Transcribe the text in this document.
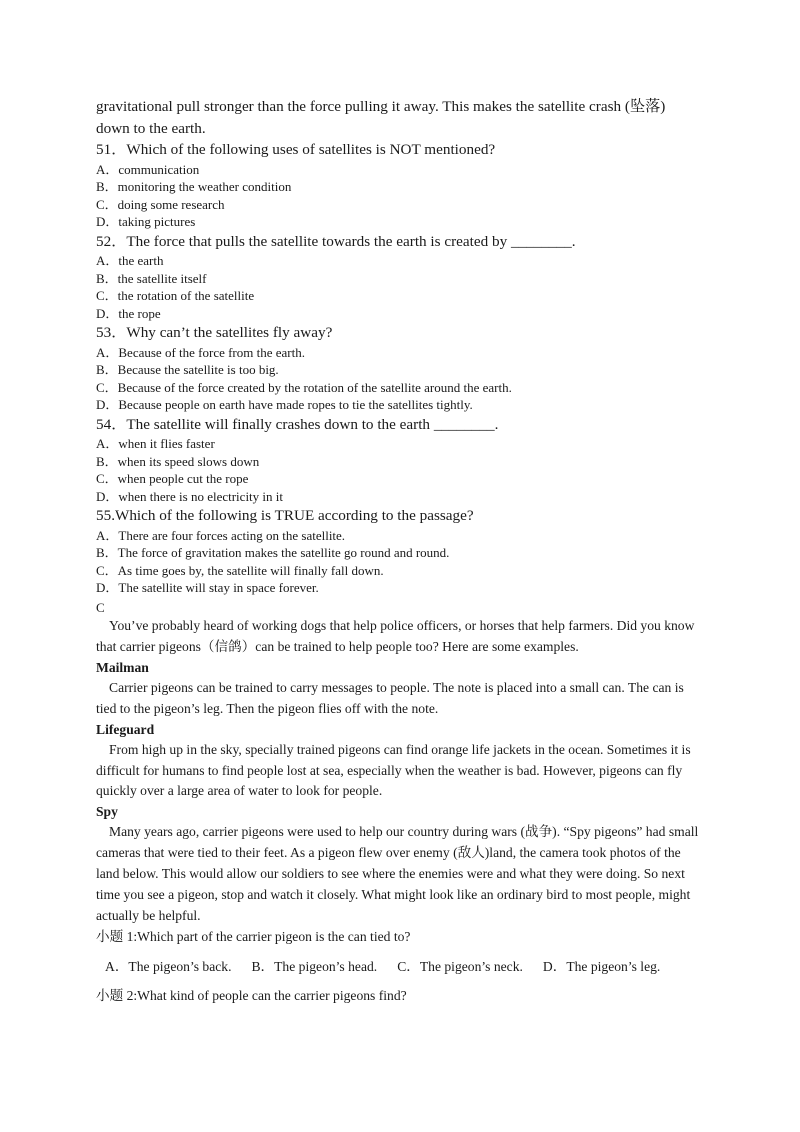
gravitational pull stronger than the force pulling it away. This makes the satellite crash (坠落)
down to the earth.
51．Which of the following uses of satellites is NOT mentioned?
A．communication
B．monitoring the weather condition
C．doing some research
D．taking pictures
52．The force that pulls the satellite towards the earth is created by ________.
A．the earth
B．the satellite itself
C．the rotation of the satellite
D．the rope
53．Why can’t the satellites fly away?
A．Because of the force from the earth.
B．Because the satellite is too big.
C．Because of the force created by the rotation of the satellite around the earth.
D．Because people on earth have made ropes to tie the satellites tightly.
54．The satellite will finally crashes down to the earth ________.
A．when it flies faster
B．when its speed slows down
C．when people cut the rope
D．when there is no electricity in it
55.Which of the following is TRUE according to the passage?
A．There are four forces acting on the satellite.
B．The force of gravitation makes the satellite go round and round.
C．As time goes by, the satellite will finally fall down.
D．The satellite will stay in space forever.
C
You’ve probably heard of working dogs that help police officers, or horses that help farmers. Did you know that carrier pigeons（信鸽）can be trained to help people too? Here are some examples.
Mailman
Carrier pigeons can be trained to carry messages to people. The note is placed into a small can. The can is tied to the pigeon’s leg. Then the pigeon flies off with the note.
Lifeguard
From high up in the sky, specially trained pigeons can find orange life jackets in the ocean. Sometimes it is difficult for humans to find people lost at sea, especially when the weather is bad. However, pigeons can fly quickly over a large area of water to look for people.
Spy
Many years ago, carrier pigeons were used to help our country during wars (战争). “Spy pigeons” had small cameras that were tied to their feet. As a pigeon flew over enemy (敌人)land, the camera took photos of the land below. This would allow our soldiers to see where the enemies were and what they were doing. So next time you see a pigeon, stop and watch it closely. What might look like an ordinary bird to most people, might actually be helpful.
小题 1:Which part of the carrier pigeon is the can tied to?
A．The pigeon’s back. B．The pigeon’s head. C．The pigeon’s neck. D．The pigeon’s leg.
小题 2:What kind of people can the carrier pigeons find?
